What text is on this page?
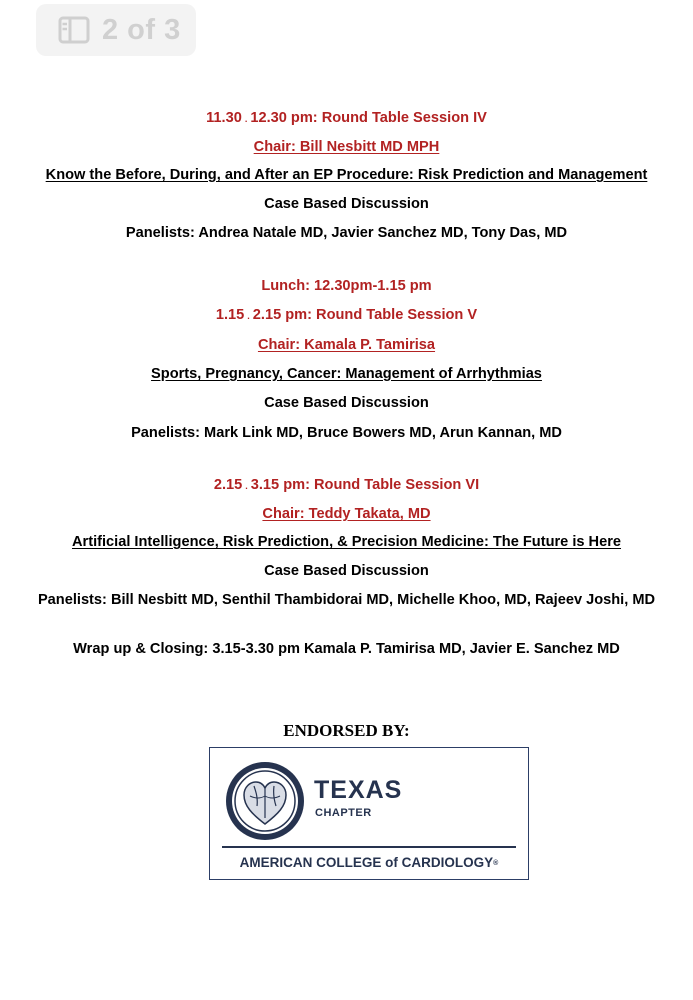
2 of 3
11.30 . 12.30 pm: Round Table Session IV
Chair: Bill Nesbitt MD MPH
Know the Before, During, and After an EP Procedure: Risk Prediction and Management
Case Based Discussion
Panelists: Andrea Natale MD, Javier Sanchez MD, Tony Das, MD
Lunch: 12.30pm-1.15 pm
1.15 . 2.15 pm: Round Table Session V
Chair: Kamala P. Tamirisa
Sports, Pregnancy, Cancer: Management of Arrhythmias
Case Based Discussion
Panelists: Mark Link MD, Bruce Bowers MD, Arun Kannan, MD
2.15 . 3.15 pm: Round Table Session VI
Chair: Teddy Takata, MD
Artificial Intelligence, Risk Prediction, & Precision Medicine: The Future is Here
Case Based Discussion
Panelists: Bill Nesbitt MD, Senthil Thambidorai MD, Michelle Khoo, MD, Rajeev Joshi, MD
Wrap up & Closing: 3.15-3.30 pm Kamala P. Tamirisa MD, Javier E. Sanchez MD
ENDORSED BY:
TEXAS
CHAPTER
AMERICAN COLLEGE of CARDIOLOGY®
